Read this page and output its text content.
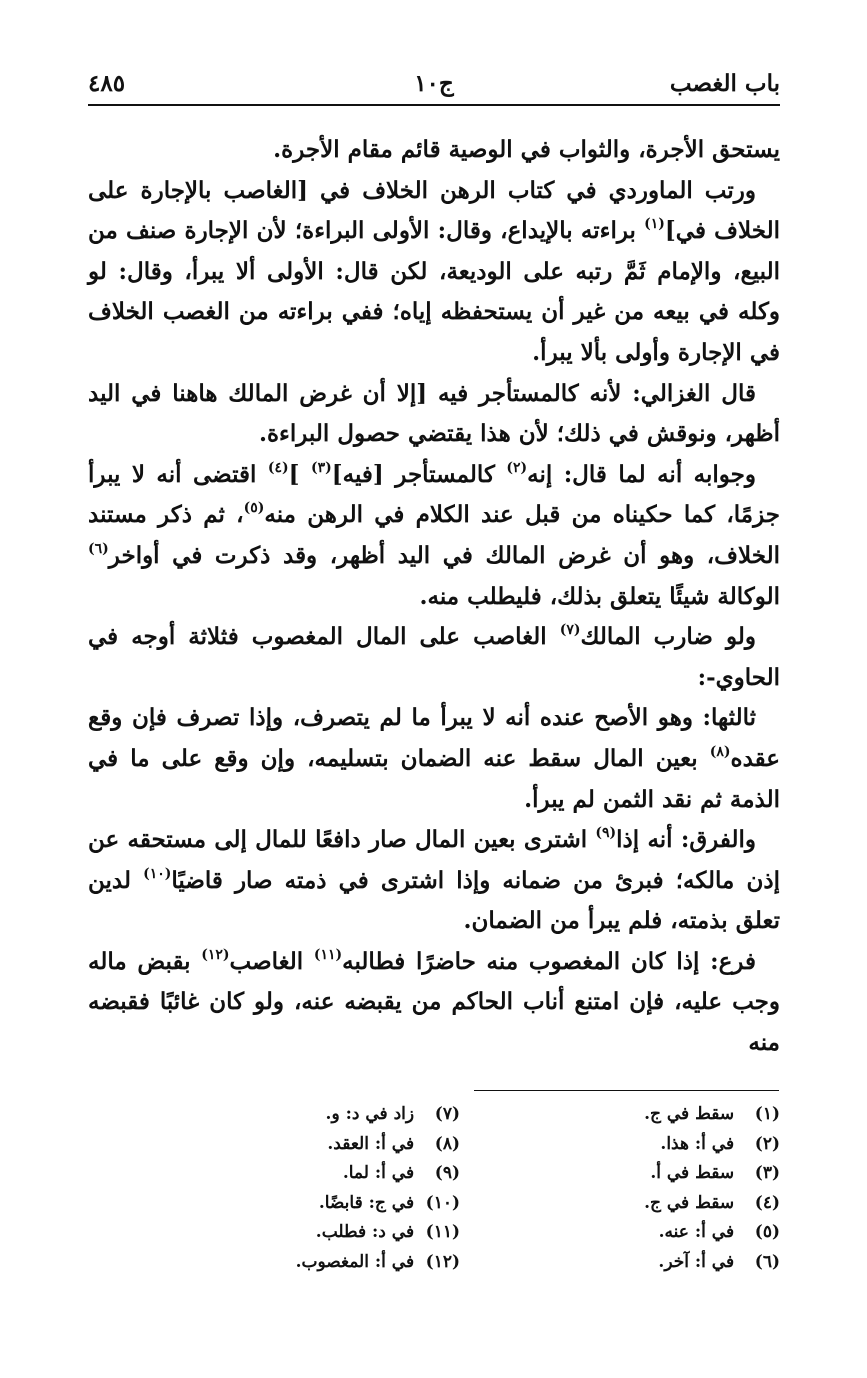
باب الغصب
ج١٠
٤٨٥

يستحق الأجرة، والثواب في الوصية قائم مقام الأجرة.

ورتب الماوردي في كتاب الرهن الخلاف في [الغاصب بالإجارة على الخلاف في]$^{(١)}$ براءته بالإيداع، وقال: الأولى البراءة؛ لأن الإجارة صنف من البيع، والإمام ثَمَّ رتبه على الوديعة، لكن قال: الأولى ألا يبرأ، وقال: لو وكله في بيعه من غير أن يستحفظه إياه؛ ففي براءته من الغصب الخلاف في الإجارة وأولى بألا يبرأ.

قال الغزالي: لأنه كالمستأجر فيه [إلا أن غرض المالك هاهنا في اليد أظهر، ونوقش في ذلك؛ لأن هذا يقتضي حصول البراءة.

وجوابه أنه لما قال: إنه$^{(٢)}$ كالمستأجر [فيه]$^{(٣)}$ ]$^{(٤)}$ اقتضى أنه لا يبرأ جزمًا، كما حكيناه من قبل عند الكلام في الرهن منه$^{(٥)}$، ثم ذكر مستند الخلاف، وهو أن غرض المالك في اليد أظهر، وقد ذكرت في أواخر$^{(٦)}$ الوكالة شيئًا يتعلق بذلك، فليطلب منه.

ولو ضارب المالك$^{(٧)}$ الغاصب على المال المغصوب فثلاثة أوجه في الحاوي-:

ثالثها: وهو الأصح عنده أنه لا يبرأ ما لم يتصرف، وإذا تصرف فإن وقع عقده$^{(٨)}$ بعين المال سقط عنه الضمان بتسليمه، وإن وقع على ما في الذمة ثم نقد الثمن لم يبرأ.

والفرق: أنه إذا$^{(٩)}$ اشترى بعين المال صار دافعًا للمال إلى مستحقه عن إذن مالكه؛ فبرئ من ضمانه وإذا اشترى في ذمته صار قاضيًا$^{(١٠)}$ لدين تعلق بذمته، فلم يبرأ من الضمان.

فرع: إذا كان المغصوب منه حاضرًا فطالبه$^{(١١)}$ الغاصب$^{(١٢)}$ بقبض ماله وجب عليه، فإن امتنع أناب الحاكم من يقبضه عنه، ولو كان غائبًا فقبضه منه

(١) سقط في ج.
(٢) في أ: هذا.
(٣) سقط في أ.
(٤) سقط في ج.
(٥) في أ: عنه.
(٦) في أ: آخر.
(٧) زاد في د: و.
(٨) في أ: العقد.
(٩) في أ: لما.
(١٠) في ج: قابضًا.
(١١) في د: فطلب.
(١٢) في أ: المغصوب.
